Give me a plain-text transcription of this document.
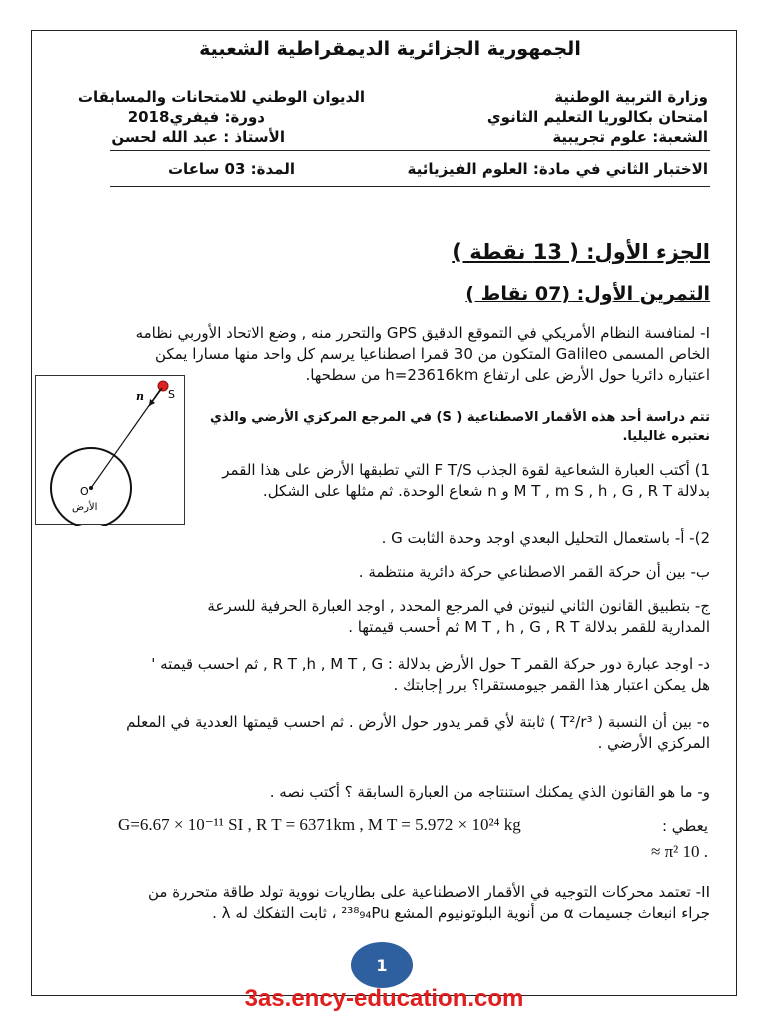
الجمهورية الجزائرية الديمقراطية الشعبية
وزارة التربية الوطنية
امتحان بكالوريا التعليم الثانوي
الشعبة: علوم تجريبية
الديوان الوطني للامتحانات والمسابقات
دورة: فيفري2018
الأستاذ : عبد الله لحسن
الاختبار الثاني في مادة: العلوم الفيزيائية
المدة: 03 ساعات
الجزء الأول: ( 13 نقطة )
التمرين الأول: (07 نقاط )
I- لمنافسة النظام الأمريكي في التموقع الدقيق GPS والتحرر منه , وضع الاتحاد الأوربي نظامه الخاص المسمى Galileo المتكون من 30 قمرا اصطناعيا يرسم كل واحد منها مسارا يمكن اعتباره دائريا حول الأرض على ارتفاع h=23616km من سطحها.
تتم دراسة أحد هذه الأقمار الاصطناعية ( S) في المرجع المركزي الأرضي والذي نعتبره غاليليا.
O
S
n
الأرض
1) أكتب العبارة الشعاعية لقوة الجذب F T/S التي تطبقها الأرض على هذا القمر بدلالة M T , m S , h , G , R T و n شعاع الوحدة. ثم مثلها على الشكل.
2)- أ- باستعمال التحليل البعدي اوجد وحدة الثابت G .
ب- بين أن حركة القمر الاصطناعي حركة دائرية منتظمة .
ج- بتطبيق القانون الثاني لنيوتن في المرجع المحدد , اوجد العبارة الحرفية للسرعة المدارية للقمر بدلالة M T , h , G , R T ثم أحسب قيمتها .
د- اوجد عبارة دور حركة القمر T حول الأرض بدلالة : R T ,h , M T , G , ثم احسب قيمته ' هل يمكن اعتبار هذا القمر جيومستقرا؟ برر إجابتك .
ه- بين أن النسبة ( T²/r³ ) ثابتة لأي قمر يدور حول الأرض . ثم احسب قيمتها العددية في المعلم المركزي الأرضي .
و- ما هو القانون الذي يمكنك استنتاجه من العبارة السابقة ؟ أكتب نصه .
يعطي :
G=6.67 × 10⁻¹¹ SI , R T = 6371km , M T = 5.972 × 10²⁴ kg
. 10 π² ≈
II- تعتمد محركات التوجيه في الأقمار الاصطناعية على بطاريات نووية تولد طاقة متحررة من جراء انبعاث جسيمات α من أنوية البلوتونيوم المشع ²³⁸₉₄Pu ، ثابت التفكك له λ .
1
3as.ency-education.com
